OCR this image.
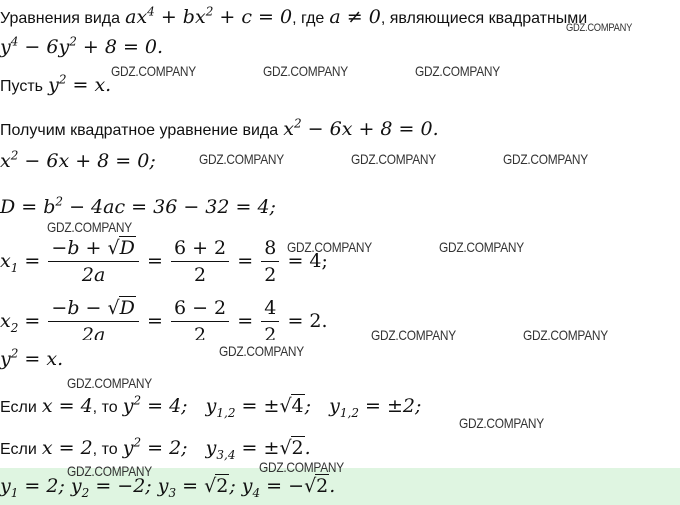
Уравнения вида $ax^4 + bx^2 + c = 0$, где a ≠ 0, являющиеся квадратными
$y^4 - 6y^2 + 8 = 0$.
Пусть $y^2 = x$.
Получим квадратное уравнение вида $x^2 - 6x + 8 = 0$.
$x^2 - 6x + 8 = 0$;
$D = b^2 - 4ac = 36 - 32 = 4$;
$x_1 = \frac{-b + √D}{2a} = \frac{6 + 2}{2} = \frac{8}{2} = 4$;
$x_2 = \frac{-b - √D}{2a} = \frac{6 - 2}{2} = \frac{4}{2} = 2$.
$y^2 = x$.
Если x = 4, то $y^2 = 4$;   $y_{1,2} = \pm√4$;   $y_{1,2} = \pm 2$;
Если x = 2, то $y^2 = 2$;   $y_{3,4} = \pm√2$.
$y_1 = 2$; $y_2 = -2$; $y_3 = √2$; $y_4 = -√2$.
GDZ.COMPANY
GDZ.COMPANY	GDZ.COMPANY	GDZ.COMPANY
GDZ.COMPANY	GDZ.COMPANY	GDZ.COMPANY
GDZ.COMPANY
GDZ.COMPANY	GDZ.COMPANY
GDZ.COMPANY	GDZ.COMPANY
GDZ.COMPANY
GDZ.COMPANY
GDZ.COMPANY
GDZ.COMPANY	GDZ.COMPANY
